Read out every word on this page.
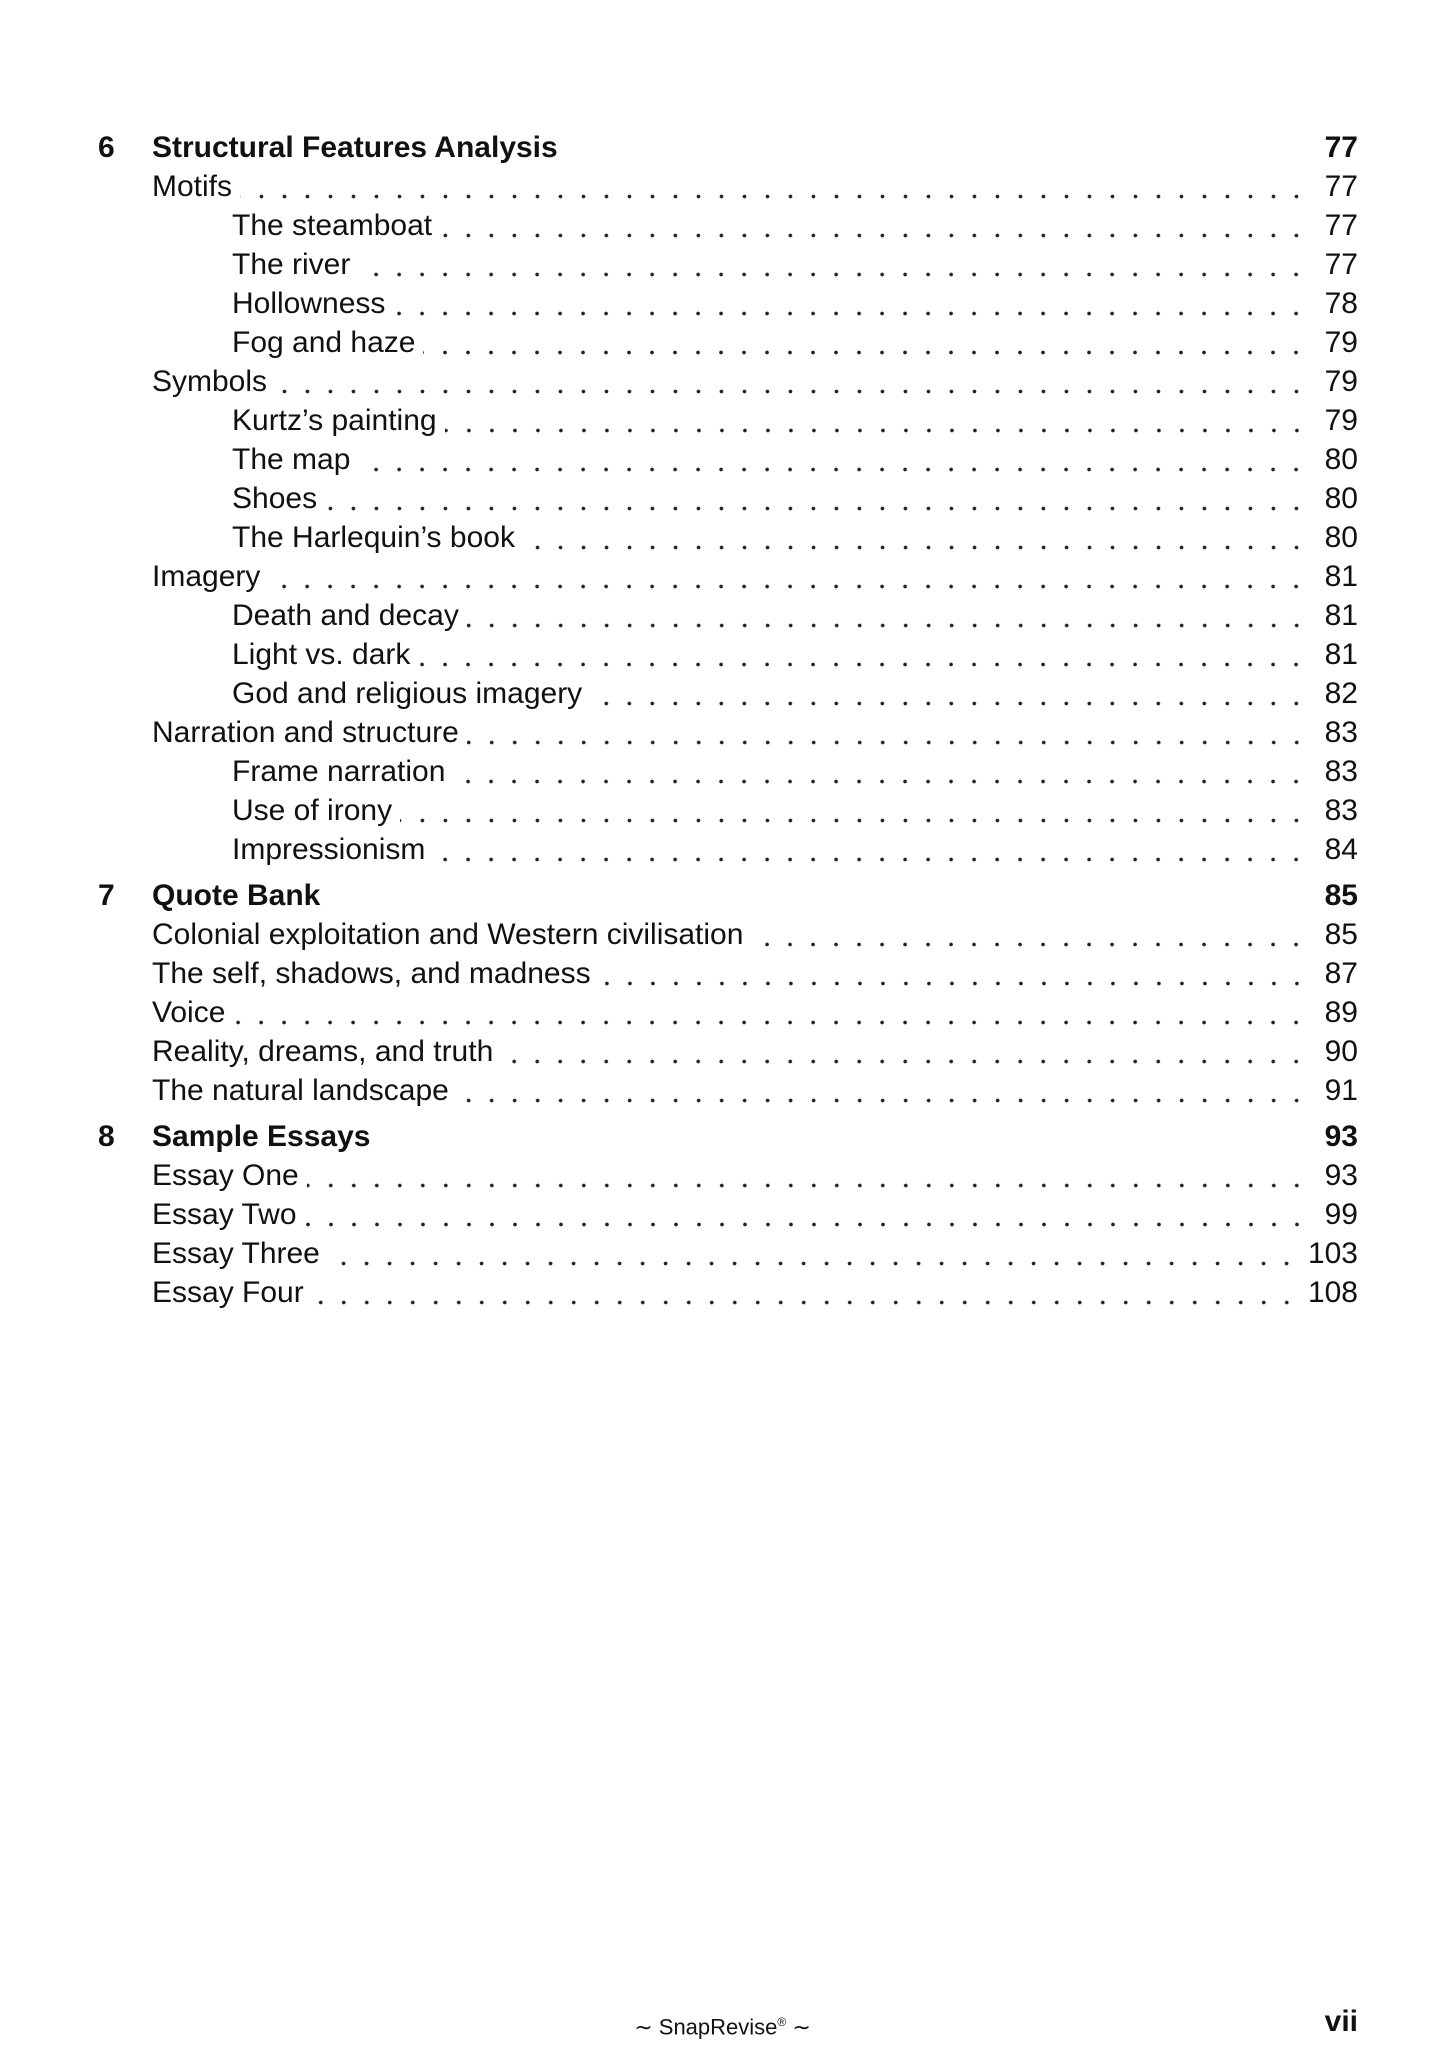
6	Structural Features Analysis	77
Motifs	77
The steamboat	77
The river	77
Hollowness	78
Fog and haze	79
Symbols	79
Kurtz’s painting	79
The map	80
Shoes	80
The Harlequin’s book	80
Imagery	81
Death and decay	81
Light vs. dark	81
God and religious imagery	82
Narration and structure	83
Frame narration	83
Use of irony	83
Impressionism	84
7	Quote Bank	85
Colonial exploitation and Western civilisation	85
The self, shadows, and madness	87
Voice	89
Reality, dreams, and truth	90
The natural landscape	91
8	Sample Essays	93
Essay One	93
Essay Two	99
Essay Three	103
Essay Four	108
∼ SnapRevise® ∼	vii
